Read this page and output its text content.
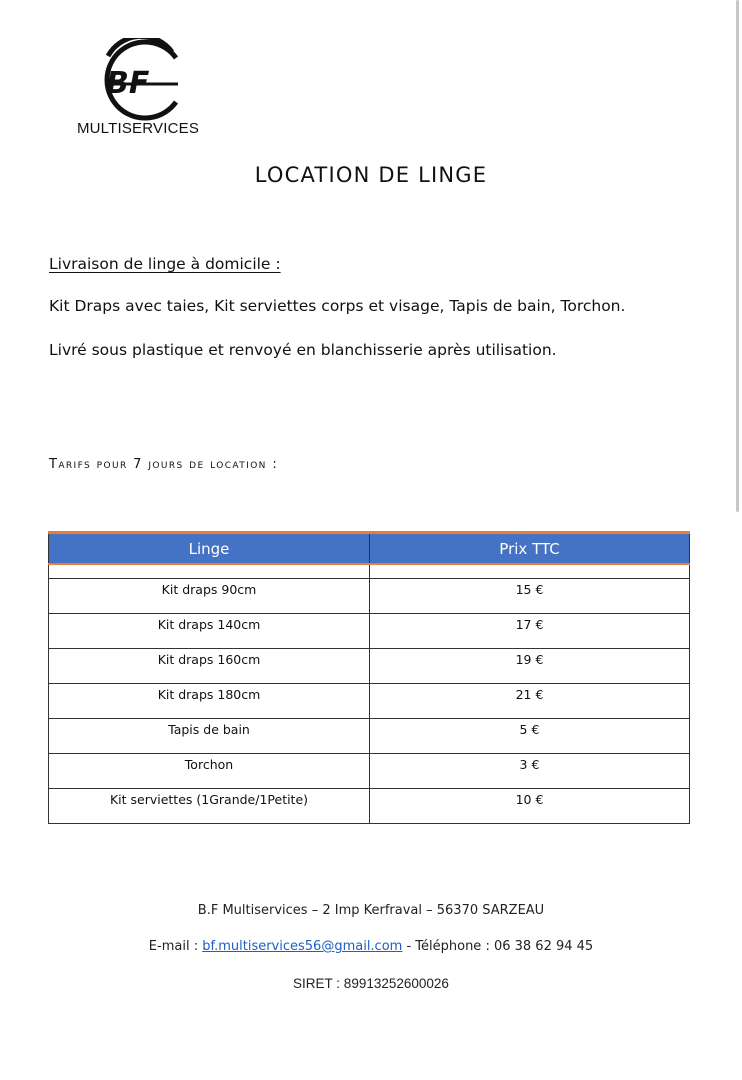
BF
MULTISERVICES
LOCATION DE LINGE
Livraison de linge à domicile :
Kit Draps avec taies, Kit serviettes corps et visage, Tapis de bain, Torchon.
Livré sous plastique et renvoyé en blanchisserie après utilisation.
Tarifs pour 7 jours de location :
Linge	Prix TTC

Kit draps 90cm	15 €
Kit draps 140cm	17 €
Kit draps 160cm	19 €
Kit draps 180cm	21 €
Tapis de bain	5 €
Torchon	3 €
Kit serviettes (1Grande/1Petite)	10 €
B.F Multiservices – 2 Imp Kerfraval – 56370 SARZEAU
E-mail : bf.multiservices56@gmail.com - Téléphone : 06 38 62 94 45
SIRET : 89913252600026
